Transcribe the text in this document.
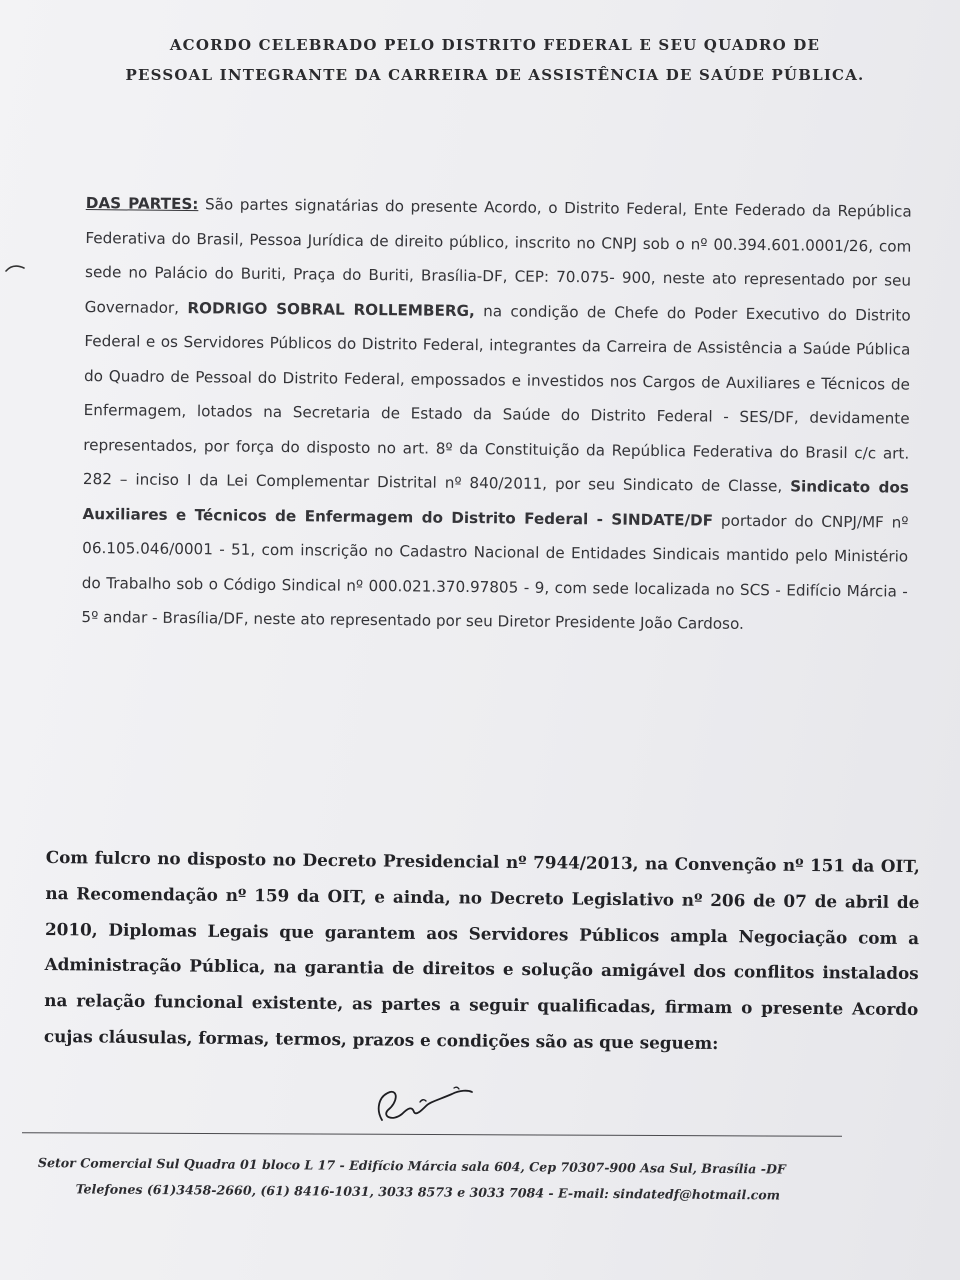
ACORDO CELEBRADO PELO DISTRITO FEDERAL E SEU QUADRO DE
PESSOAL INTEGRANTE DA CARREIRA DE ASSISTÊNCIA DE SAÚDE PÚBLICA.

DAS PARTES: São partes signatárias do presente Acordo, o Distrito Federal, Ente Federado da República Federativa do Brasil, Pessoa Jurídica de direito público, inscrito no CNPJ sob o nº 00.394.601.0001/26, com sede no Palácio do Buriti, Praça do Buriti, Brasília-DF, CEP: 70.075- 900, neste ato representado por seu Governador, RODRIGO SOBRAL ROLLEMBERG, na condição de Chefe do Poder Executivo do Distrito Federal e os Servidores Públicos do Distrito Federal, integrantes da Carreira de Assistência a Saúde Pública do Quadro de Pessoal do Distrito Federal, empossados e investidos nos Cargos de Auxiliares e Técnicos de Enfermagem, lotados na Secretaria de Estado da Saúde do Distrito Federal - SES/DF, devidamente representados, por força do disposto no art. 8º da Constituição da República Federativa do Brasil c/c art. 282 – inciso I da Lei Complementar Distrital nº 840/2011, por seu Sindicato de Classe, Sindicato dos Auxiliares e Técnicos de Enfermagem do Distrito Federal - SINDATE/DF portador do CNPJ/MF nº 06.105.046/0001 - 51, com inscrição no Cadastro Nacional de Entidades Sindicais mantido pelo Ministério do Trabalho sob o Código Sindical nº 000.021.370.97805 - 9, com sede localizada no SCS - Edifício Márcia - 5º andar - Brasília/DF, neste ato representado por seu Diretor Presidente João Cardoso.

Com fulcro no disposto no Decreto Presidencial nº 7944/2013, na Convenção nº 151 da OIT, na Recomendação nº 159 da OIT, e ainda, no Decreto Legislativo nº 206 de 07 de abril de 2010, Diplomas Legais que garantem aos Servidores Públicos ampla Negociação com a Administração Pública, na garantia de direitos e solução amigável dos conflitos instalados na relação funcional existente, as partes a seguir qualificadas, firmam o presente Acordo cujas cláusulas, formas, termos, prazos e condições são as que seguem:

Setor Comercial Sul Quadra 01 bloco L 17 - Edifício Márcia sala 604, Cep 70307-900 Asa Sul, Brasília -DF
Telefones (61)3458-2660, (61) 8416-1031, 3033 8573 e 3033 7084 - E-mail: sindatedf@hotmail.com
